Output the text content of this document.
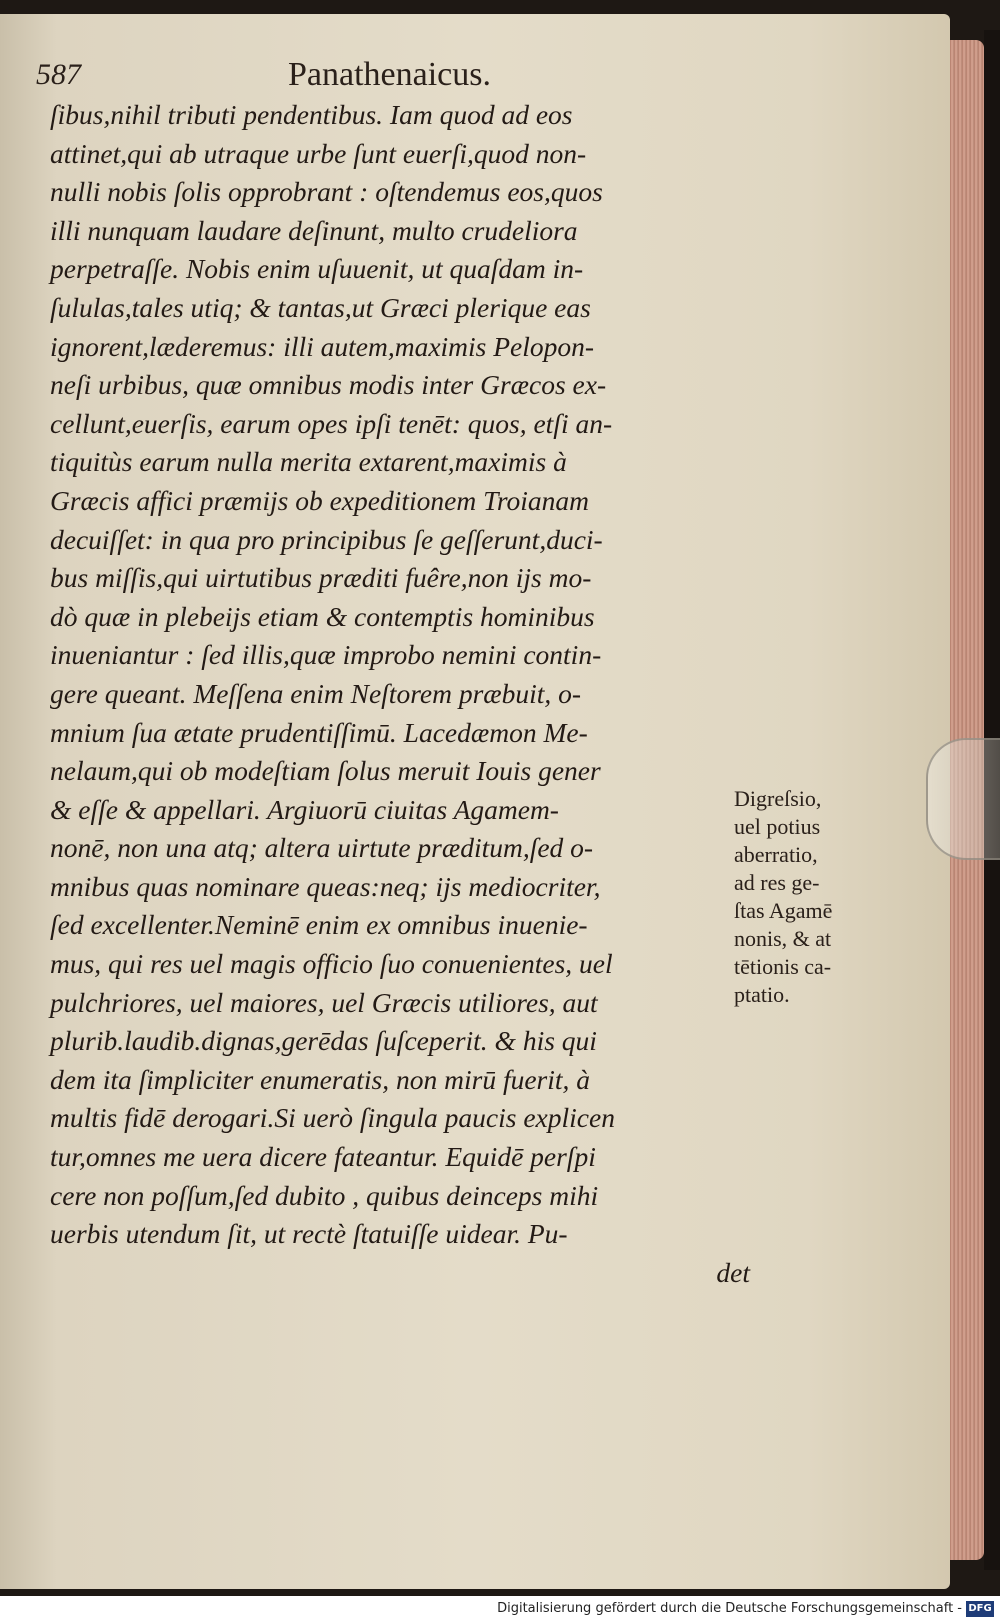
587	Panathenaicus.
ſibus,nihil tributi pendentibus. Iam quod ad eos
attinet,qui ab utraque urbe ſunt euerſi,quod non-
nulli nobis ſolis opprobrant : oſtendemus eos,quos
illi nunquam laudare deſinunt, multo crudeliora
perpetraſſe. Nobis enim uſuuenit, ut quaſdam in-
ſululas,tales utiq; & tantas,ut Græci plerique eas
ignorent,læderemus: illi autem,maximis Pelopon-
neſi urbibus, quæ omnibus modis inter Græcos ex-
cellunt,euerſis, earum opes ipſi tenēt: quos, etſi an-
tiquitùs earum nulla merita extarent,maximis à
Græcis affici præmijs ob expeditionem Troianam
decuiſſet: in qua pro principibus ſe geſſerunt,duci-
bus miſſis,qui uirtutibus præditi fuêre,non ijs mo-
dò quæ in plebeijs etiam & contemptis hominibus
inueniantur : ſed illis,quæ improbo nemini contin-
gere queant. Meſſena enim Neſtorem præbuit, o-
mnium ſua ætate prudentiſſimū. Lacedæmon Me-
nelaum,qui ob modeſtiam ſolus meruit Iouis gener
& eſſe & appellari. Argiuorū ciuitas Agamem-
nonē, non una atq; altera uirtute præditum,ſed o-
mnibus quas nominare queas:neq; ijs mediocriter,
ſed excellenter.Neminē enim ex omnibus inuenie-
mus, qui res uel magis officio ſuo conuenientes, uel
pulchriores, uel maiores, uel Græcis utiliores, aut
plurib.laudib.dignas,gerēdas ſuſceperit. & his qui
dem ita ſimpliciter enumeratis, non mirū fuerit, à
multis fidē derogari.Si uerò ſingula paucis explicen
tur,omnes me uera dicere fateantur. Equidē perſpi
cere non poſſum,ſed dubito , quibus deinceps mihi
uerbis utendum ſit, ut rectè ſtatuiſſe uidear. Pu-
det
Digreſsio,
uel potius
aberratio,
ad res ge-
ſtas Agamē
nonis, & at
tētionis ca-
ptatio.
Digitalisierung gefördert durch die Deutsche Forschungsgemeinschaft - DFG
